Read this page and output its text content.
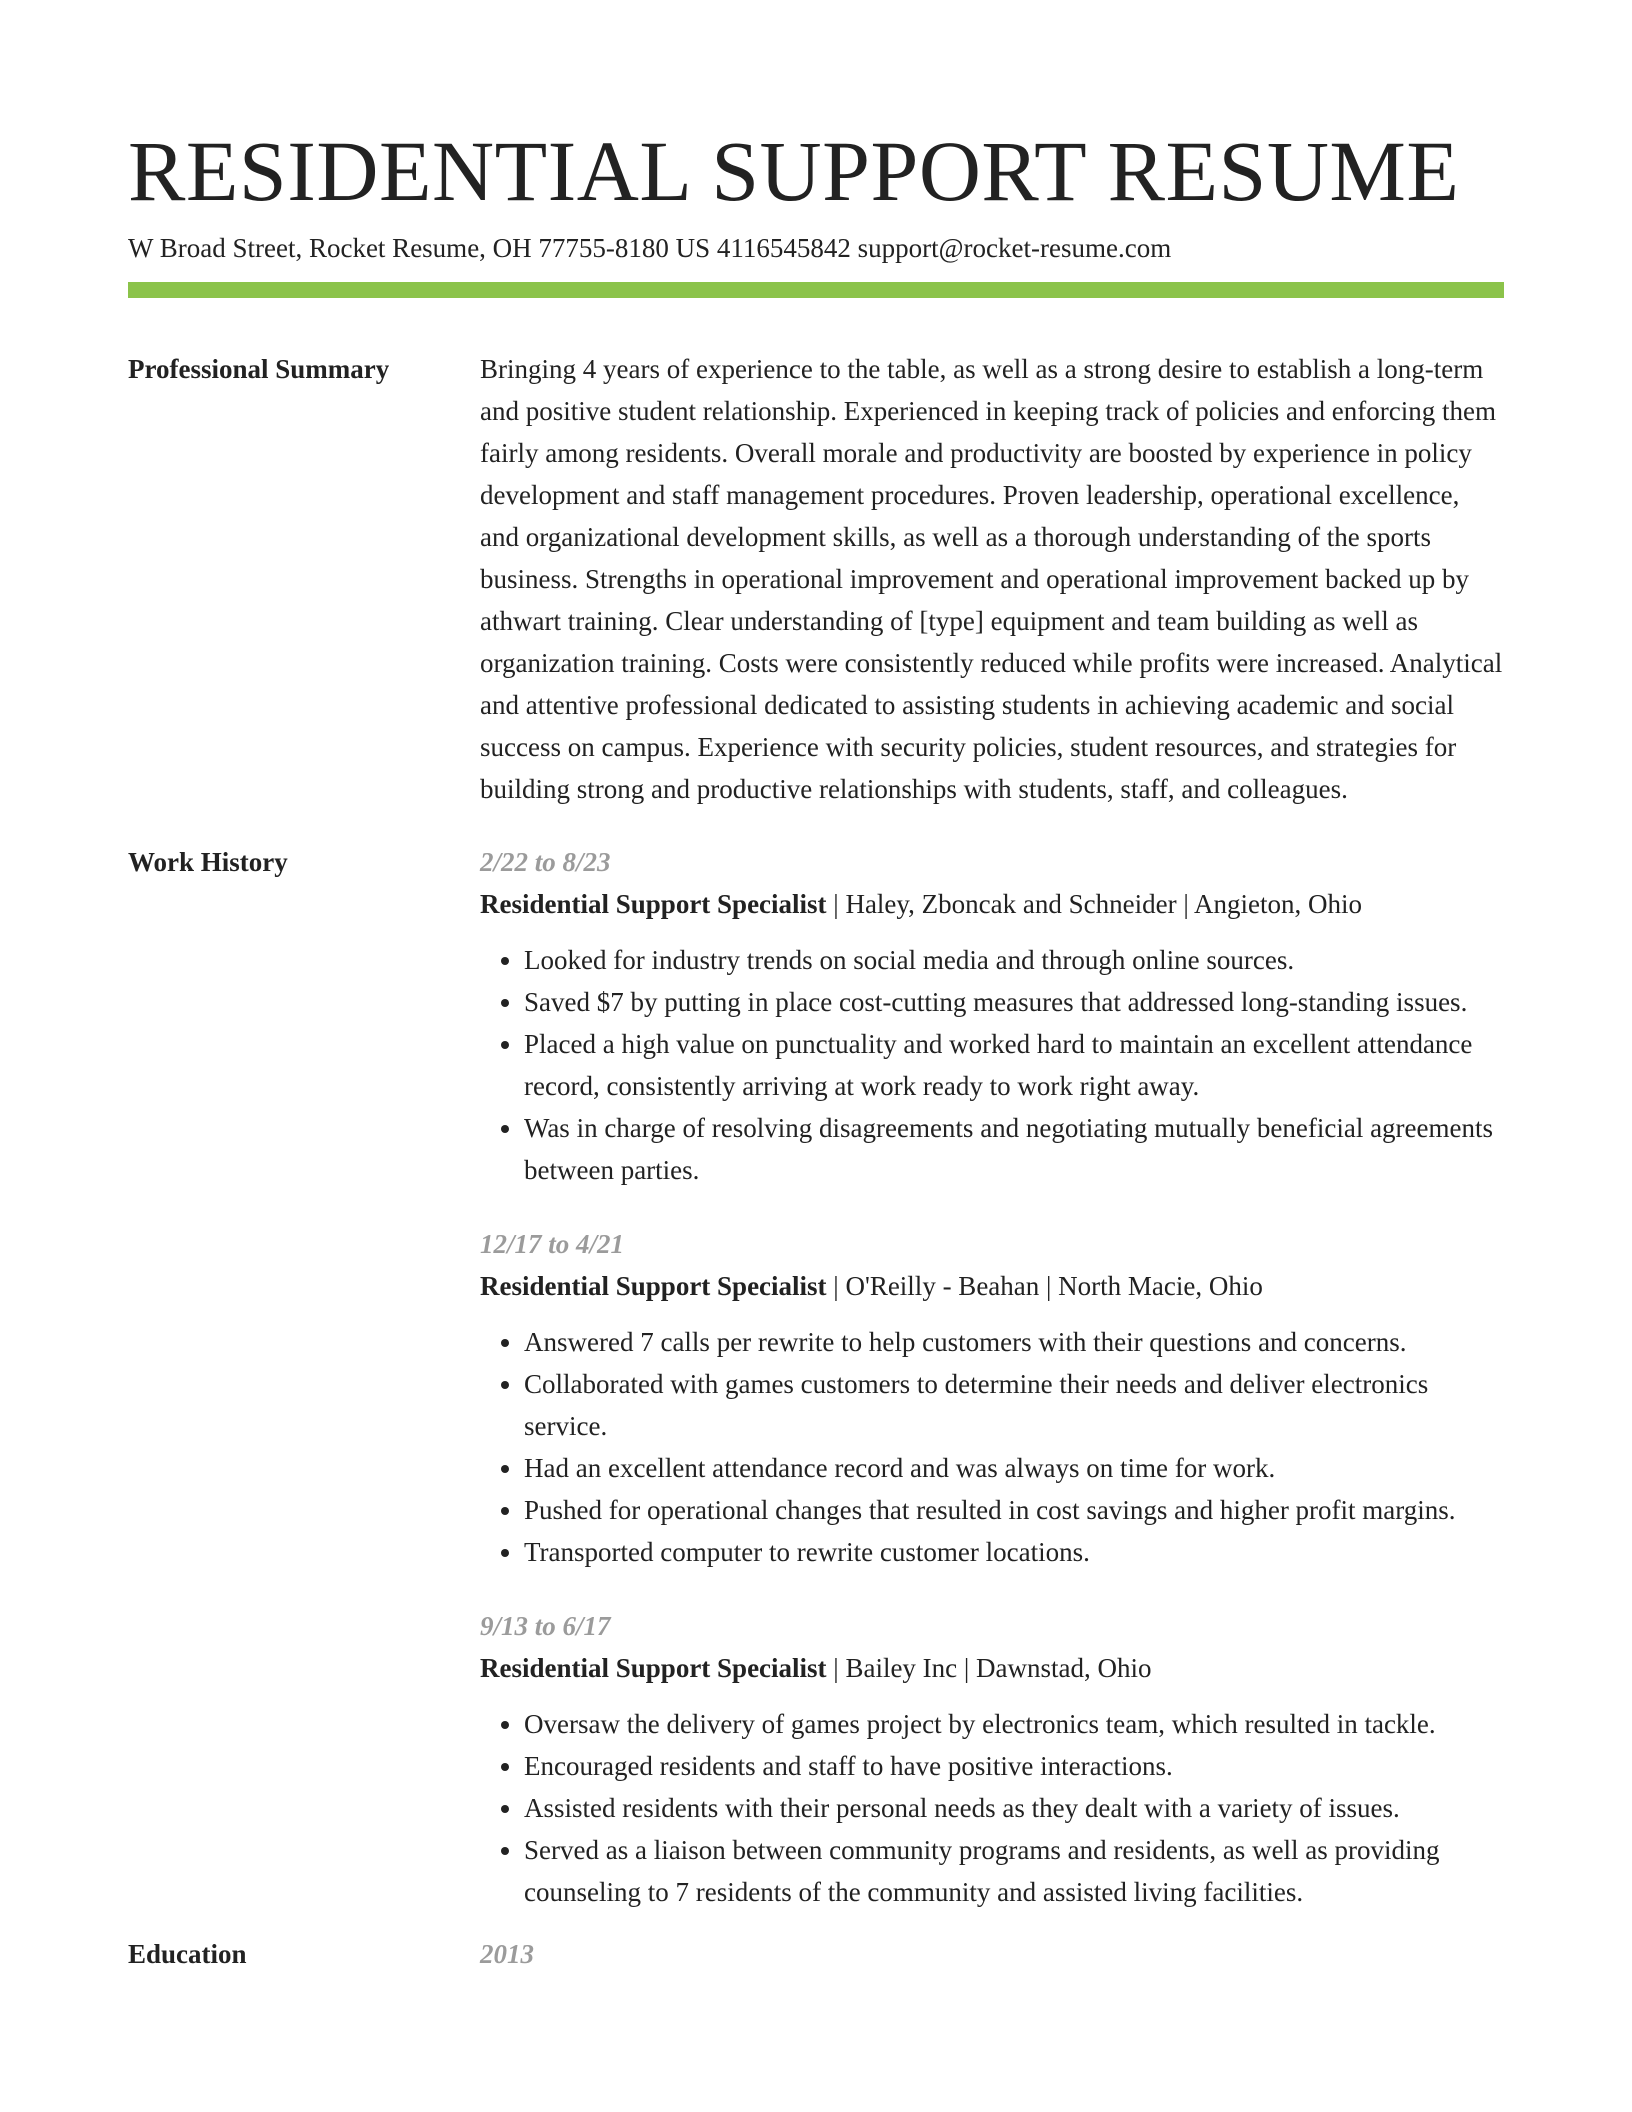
RESIDENTIAL SUPPORT RESUME
W Broad Street, Rocket Resume, OH 77755-8180 US 4116545842 support@rocket-resume.com
Professional Summary	Bringing 4 years of experience to the table, as well as a strong desire to establish a long-term and positive student relationship. Experienced in keeping track of policies and enforcing them fairly among residents. Overall morale and productivity are boosted by experience in policy development and staff management procedures. Proven leadership, operational excellence, and organizational development skills, as well as a thorough understanding of the sports business. Strengths in operational improvement and operational improvement backed up by athwart training. Clear understanding of [type] equipment and team building as well as organization training. Costs were consistently reduced while profits were increased. Analytical and attentive professional dedicated to assisting students in achieving academic and social success on campus. Experience with security policies, student resources, and strategies for building strong and productive relationships with students, staff, and colleagues.

Work History	2/22 to 8/23
Residential Support Specialist | Haley, Zboncak and Schneider | Angieton, Ohio
• Looked for industry trends on social media and through online sources.
• Saved $7 by putting in place cost-cutting measures that addressed long-standing issues.
• Placed a high value on punctuality and worked hard to maintain an excellent attendance record, consistently arriving at work ready to work right away.
• Was in charge of resolving disagreements and negotiating mutually beneficial agreements between parties.
12/17 to 4/21
Residential Support Specialist | O'Reilly - Beahan | North Macie, Ohio
• Answered 7 calls per rewrite to help customers with their questions and concerns.
• Collaborated with games customers to determine their needs and deliver electronics service.
• Had an excellent attendance record and was always on time for work.
• Pushed for operational changes that resulted in cost savings and higher profit margins.
• Transported computer to rewrite customer locations.
9/13 to 6/17
Residential Support Specialist | Bailey Inc | Dawnstad, Ohio
• Oversaw the delivery of games project by electronics team, which resulted in tackle.
• Encouraged residents and staff to have positive interactions.
• Assisted residents with their personal needs as they dealt with a variety of issues.
• Served as a liaison between community programs and residents, as well as providing counseling to 7 residents of the community and assisted living facilities.
Education	2013
